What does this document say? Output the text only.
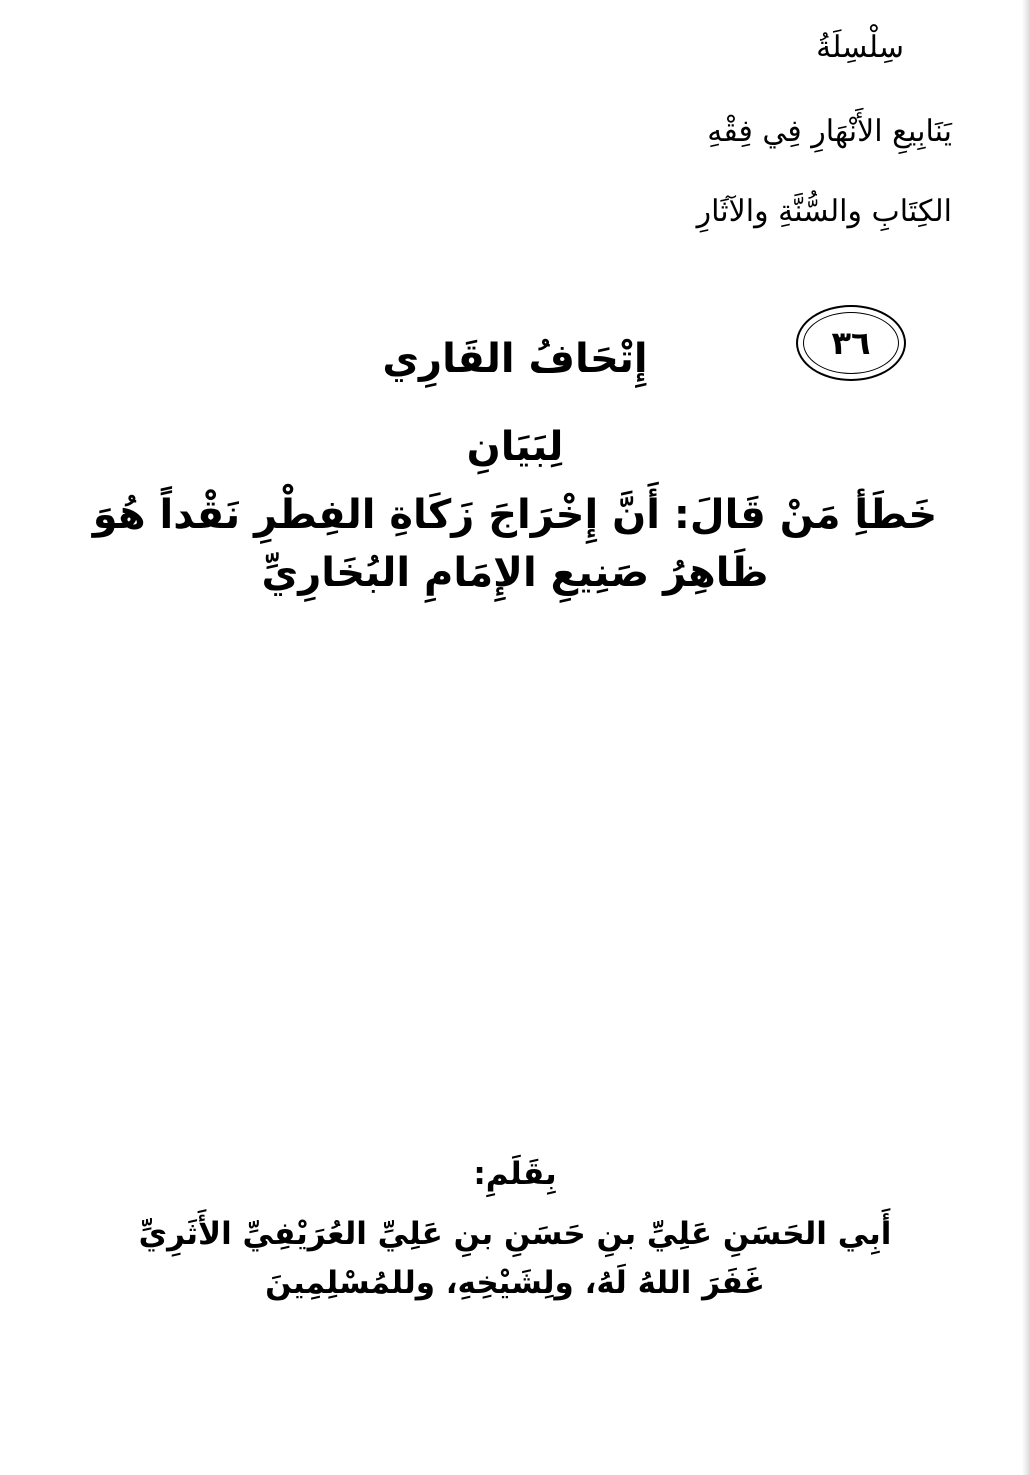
سِلْسِلَةُ
يَنَابِيعِ الأَنْهَارِ فِي فِقْهِ
الكِتَابِ والسُّنَّةِ والآثَارِ
٣٦
إِتْحَافُ القَارِي
لِبَيَانِ
خَطَأِ مَنْ قَالَ: أَنَّ إِخْرَاجَ زَكَاةِ الفِطْرِ نَقْداً هُوَ
ظَاهِرُ صَنِيعِ الإِمَامِ البُخَارِيِّ
بِقَلَمِ:
أَبِي الحَسَنِ عَلِيِّ بنِ حَسَنِ بنِ عَلِيِّ العُرَيْفِيِّ الأَثَرِيِّ
غَفَرَ اللهُ لَهُ، ولِشَيْخِهِ، وللمُسْلِمِينَ
